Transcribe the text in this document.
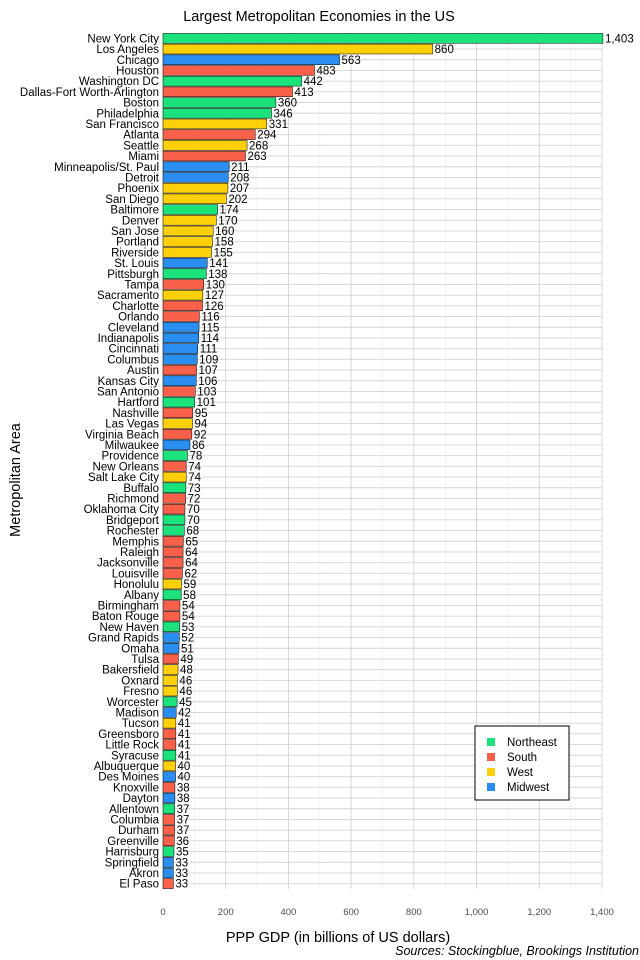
Largest Metropolitan Economies in the US
New York City
Los Angeles
Chicago
Houston
Washington DC
Dallas-Fort Worth-Arlington
Boston
Philadelphia
San Francisco
Atlanta
Seattle
Miami
Minneapolis/St. Paul
Detroit
Phoenix
San Diego
Baltimore
Denver
San Jose
Portland
Riverside
St. Louis
Pittsburgh
Tampa
Sacramento
Charlotte
Orlando
Cleveland
Indianapolis
Cincinnati
Columbus
Austin
Kansas City
San Antonio
Hartford
Nashville
Las Vegas
Virginia Beach
Milwaukee
Providence
New Orleans
Salt Lake City
Buffalo
Richmond
Oklahoma City
Bridgeport
Rochester
Memphis
Raleigh
Jacksonville
Louisville
Honolulu
Albany
Birmingham
Baton Rouge
New Haven
Grand Rapids
Omaha
Tulsa
Bakersfield
Oxnard
Fresno
Worcester
Madison
Tucson
Greensboro
Little Rock
Syracuse
Albuquerque
Des Moines
Knoxville
Dayton
Allentown
Columbia
Durham
Greenville
Harrisburg
Springfield
Akron
El Paso
1,403
860
563
483
442
413
360
346
331
294
268
263
211
208
207
202
174
170
160
158
155
141
138
130
127
126
116
115
114
111
109
107
106
103
101
95
94
92
86
78
74
74
73
72
70
70
68
65
64
64
62
59
58
54
54
53
52
51
49
48
46
46
45
42
41
41
41
41
40
40
38
38
37
37
37
36
35
33
33
33
0	200	400	600	800	1,000	1,200	1,400
Metropolitan Area
PPP GDP (in billions of US dollars)
Sources: Stockingblue, Brookings Institution
Northeast
South
West
Midwest
